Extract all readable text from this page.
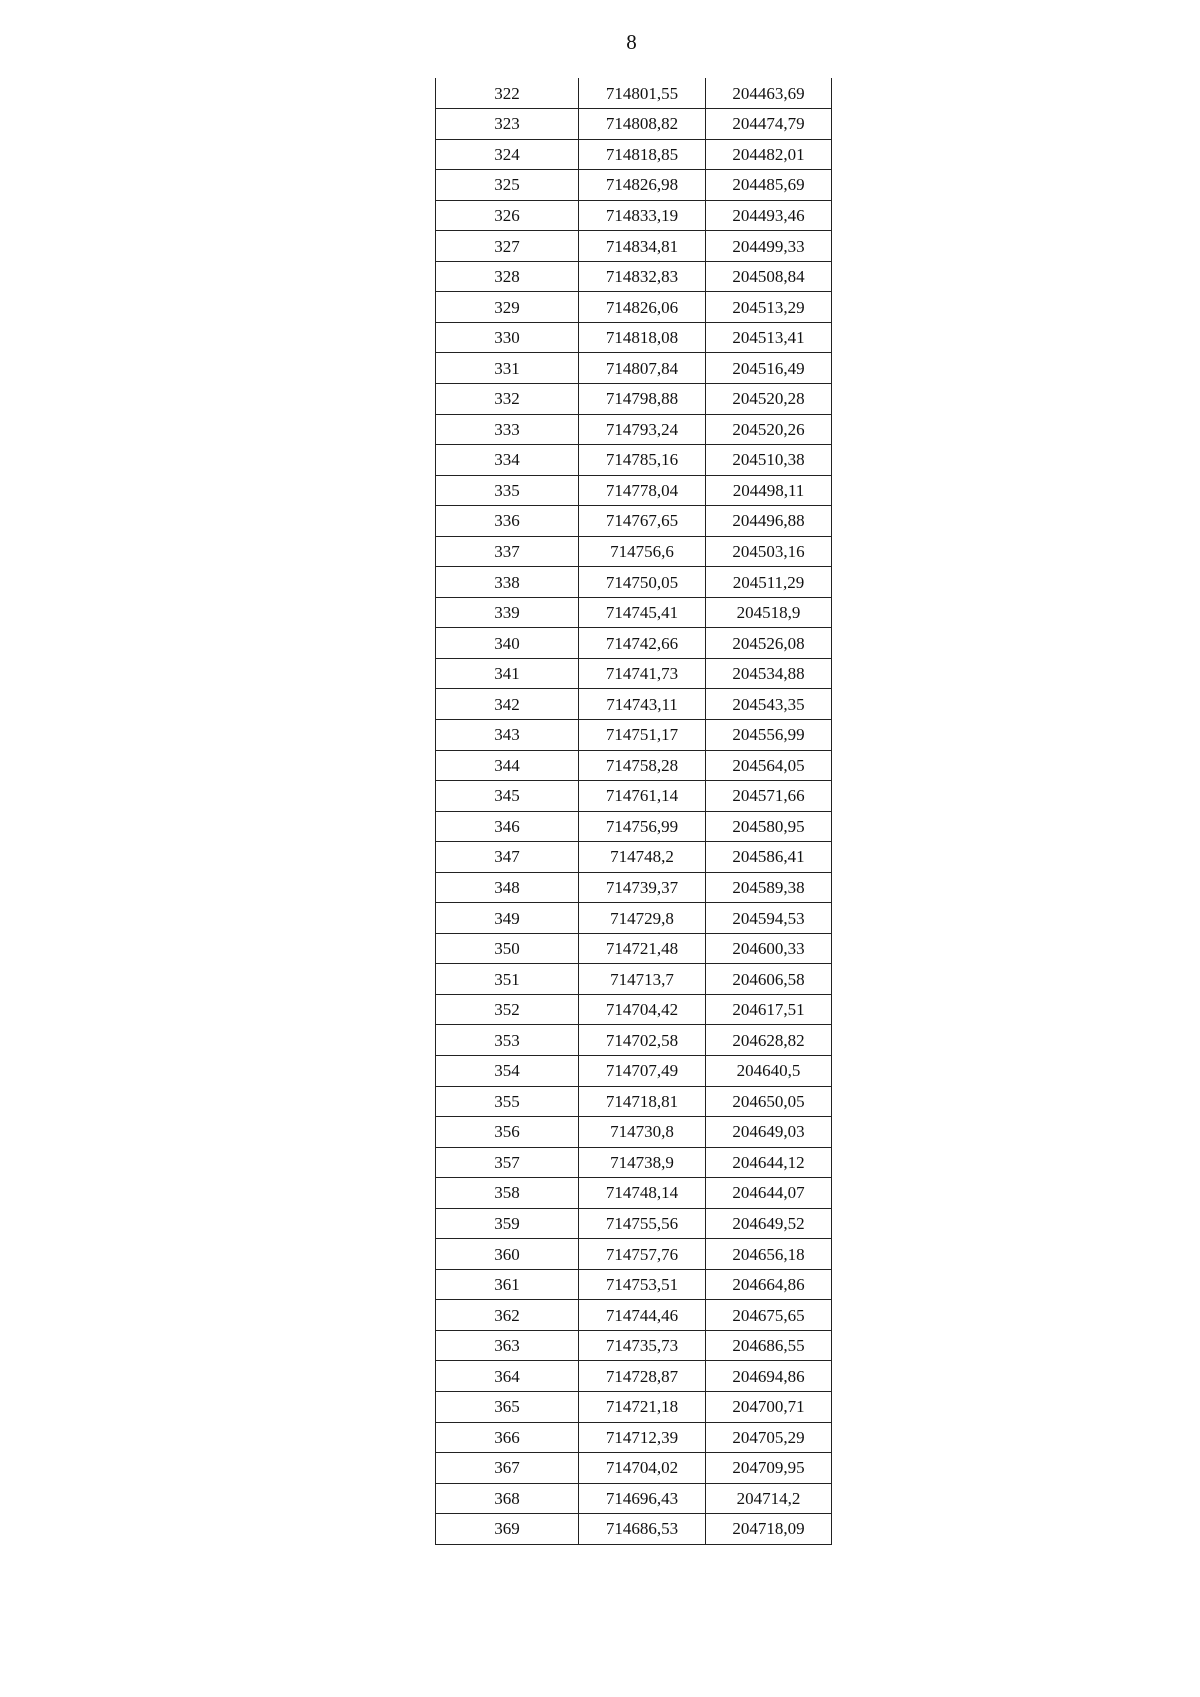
8
322	714801,55	204463,69
323	714808,82	204474,79
324	714818,85	204482,01
325	714826,98	204485,69
326	714833,19	204493,46
327	714834,81	204499,33
328	714832,83	204508,84
329	714826,06	204513,29
330	714818,08	204513,41
331	714807,84	204516,49
332	714798,88	204520,28
333	714793,24	204520,26
334	714785,16	204510,38
335	714778,04	204498,11
336	714767,65	204496,88
337	714756,6	204503,16
338	714750,05	204511,29
339	714745,41	204518,9
340	714742,66	204526,08
341	714741,73	204534,88
342	714743,11	204543,35
343	714751,17	204556,99
344	714758,28	204564,05
345	714761,14	204571,66
346	714756,99	204580,95
347	714748,2	204586,41
348	714739,37	204589,38
349	714729,8	204594,53
350	714721,48	204600,33
351	714713,7	204606,58
352	714704,42	204617,51
353	714702,58	204628,82
354	714707,49	204640,5
355	714718,81	204650,05
356	714730,8	204649,03
357	714738,9	204644,12
358	714748,14	204644,07
359	714755,56	204649,52
360	714757,76	204656,18
361	714753,51	204664,86
362	714744,46	204675,65
363	714735,73	204686,55
364	714728,87	204694,86
365	714721,18	204700,71
366	714712,39	204705,29
367	714704,02	204709,95
368	714696,43	204714,2
369	714686,53	204718,09
